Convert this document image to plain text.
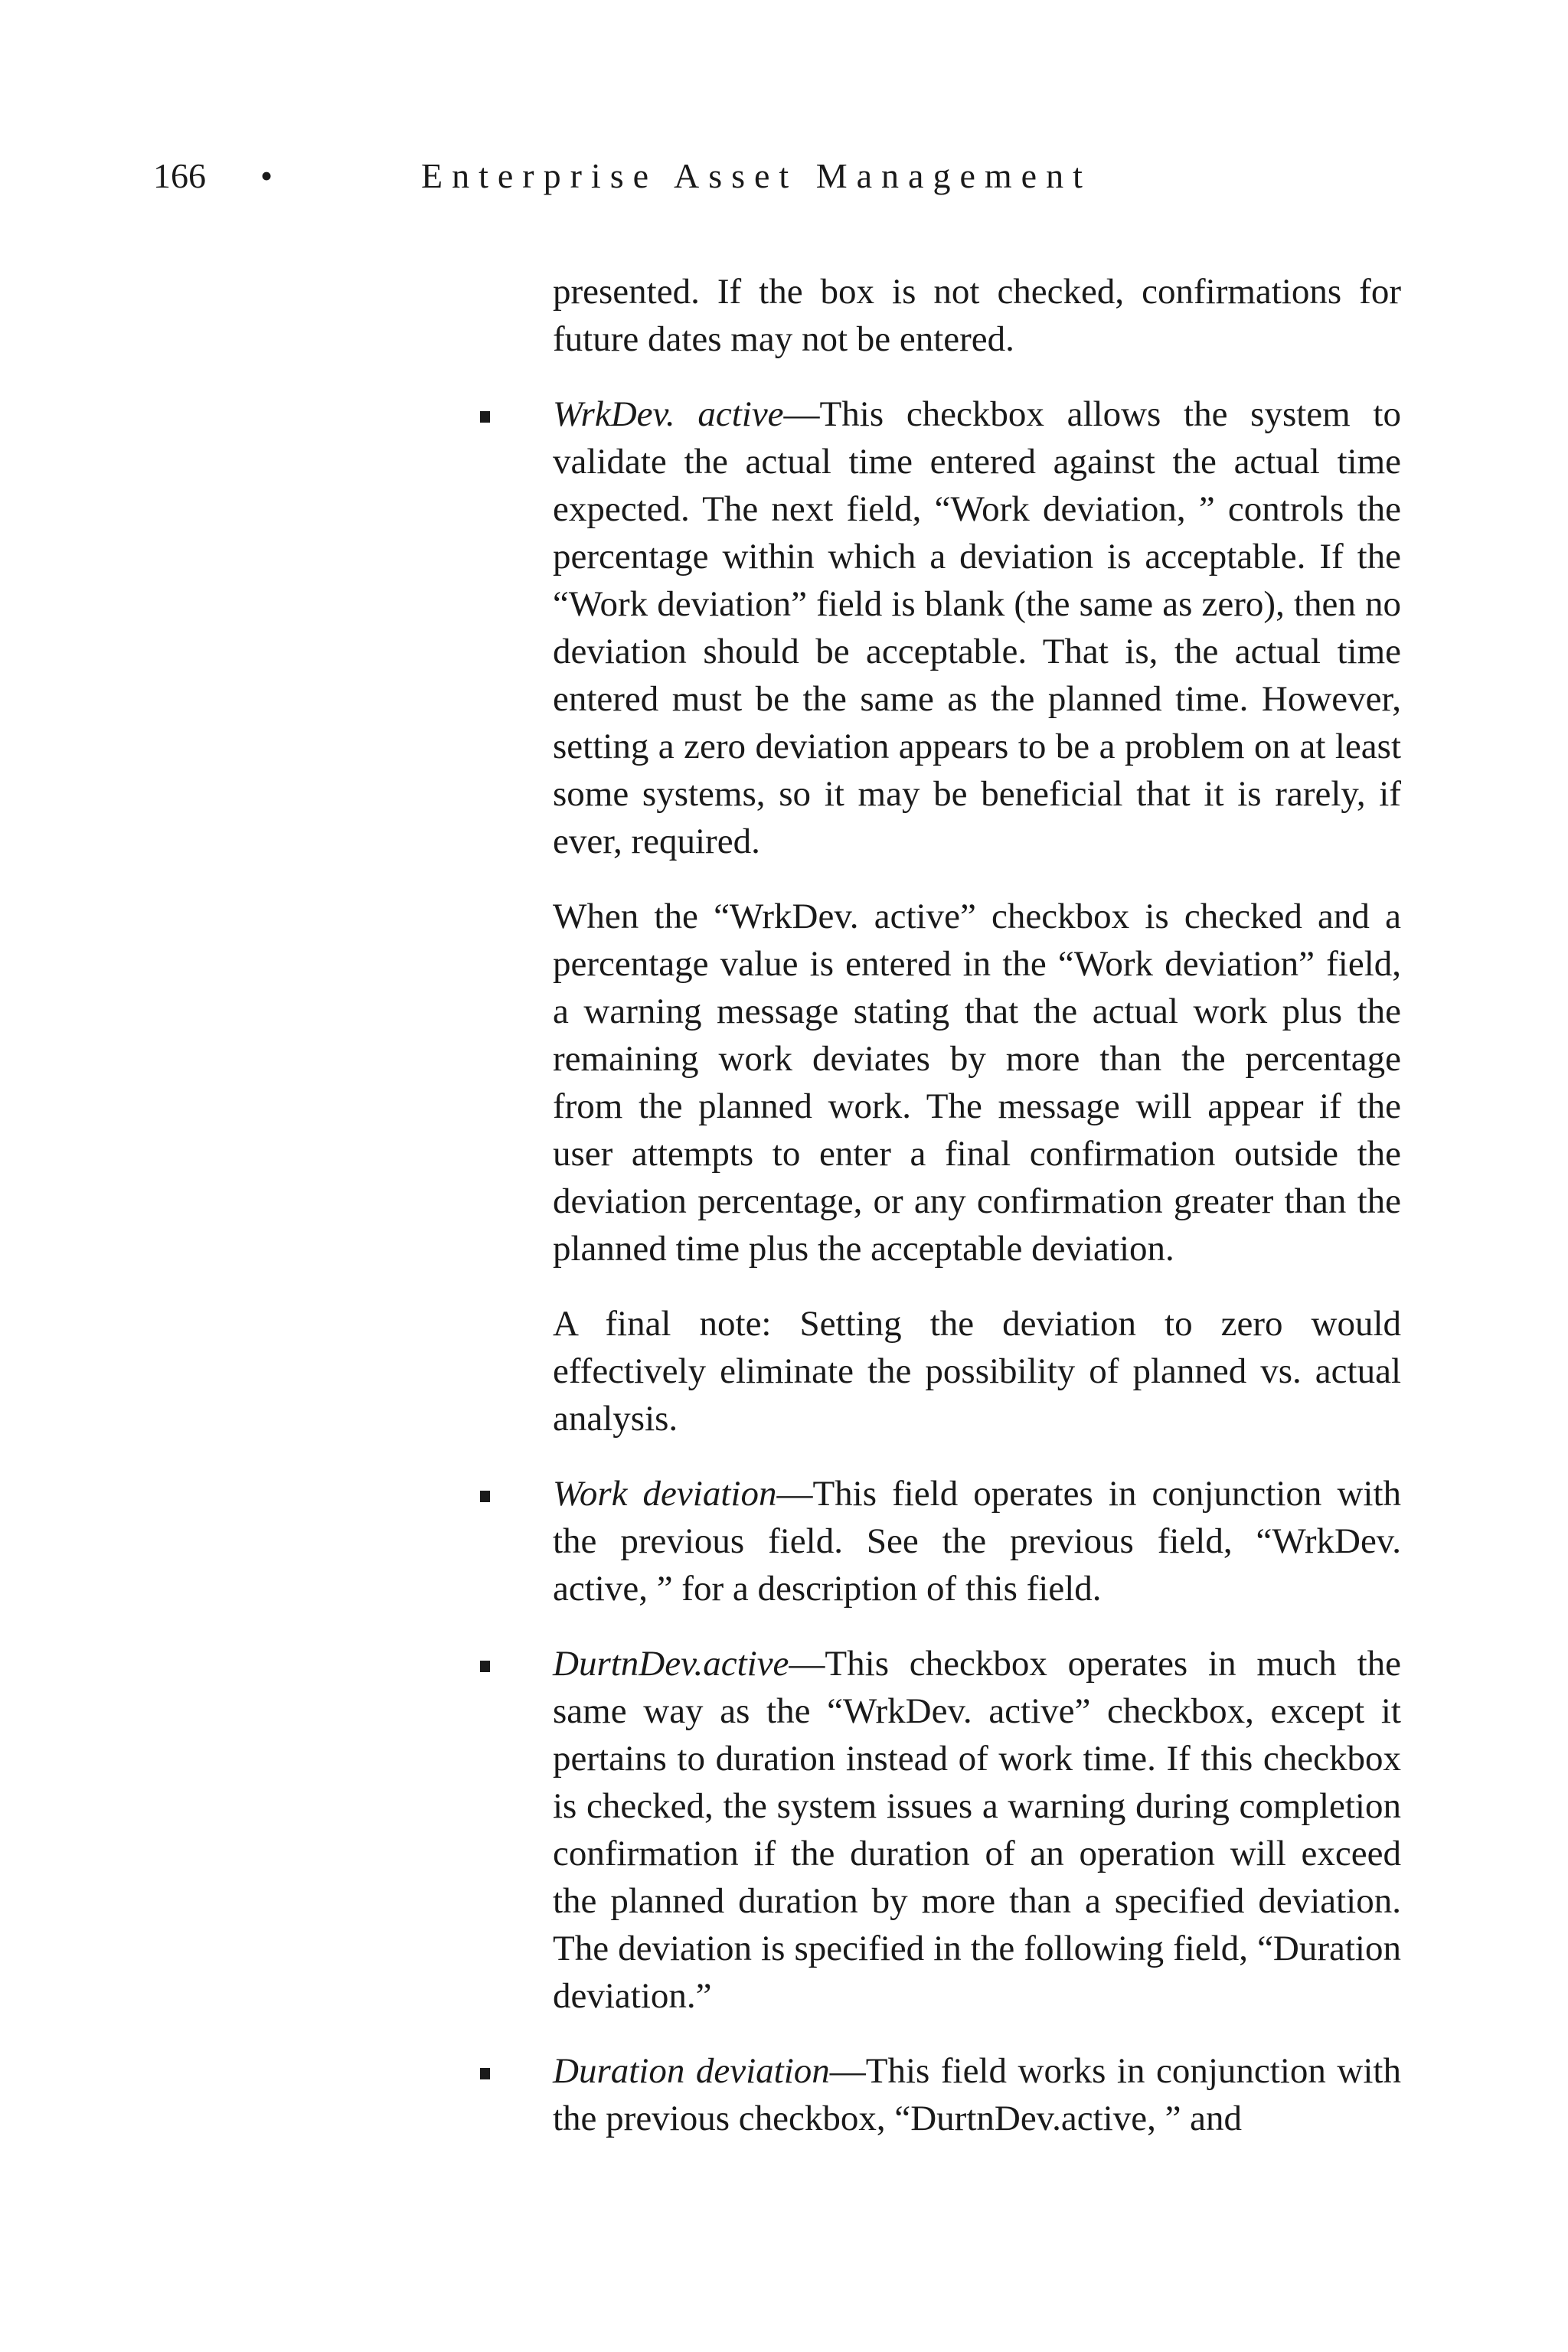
166 •	Enterprise Asset Management

presented. If the box is not checked, confirmations for future dates may not be entered.

WrkDev. active—This checkbox allows the system to validate the actual time entered against the actual time expected. The next field, “Work deviation, ” controls the percentage within which a deviation is acceptable. If the “Work deviation” field is blank (the same as zero), then no deviation should be acceptable. That is, the actual time entered must be the same as the planned time. However, setting a zero deviation appears to be a problem on at least some systems, so it may be beneficial that it is rarely, if ever, required.

When the “WrkDev. active” checkbox is checked and a percentage value is entered in the “Work deviation” field, a warning message stating that the actual work plus the remaining work deviates by more than the percentage from the planned work. The message will appear if the user attempts to enter a final confirmation outside the deviation percentage, or any confirmation greater than the planned time plus the acceptable deviation.

A final note: Setting the deviation to zero would effectively eliminate the possibility of planned vs. actual analysis.

Work deviation—This field operates in conjunction with the previous field. See the previous field, “WrkDev. active, ” for a description of this field.
DurtnDev.active—This checkbox operates in much the same way as the “WrkDev. active” checkbox, except it pertains to duration instead of work time. If this checkbox is checked, the system issues a warning during completion confirmation if the duration of an operation will exceed the planned duration by more than a specified deviation. The deviation is specified in the following field, “Duration deviation.”
Duration deviation—This field works in conjunction with the previous checkbox, “DurtnDev.active, ” and
